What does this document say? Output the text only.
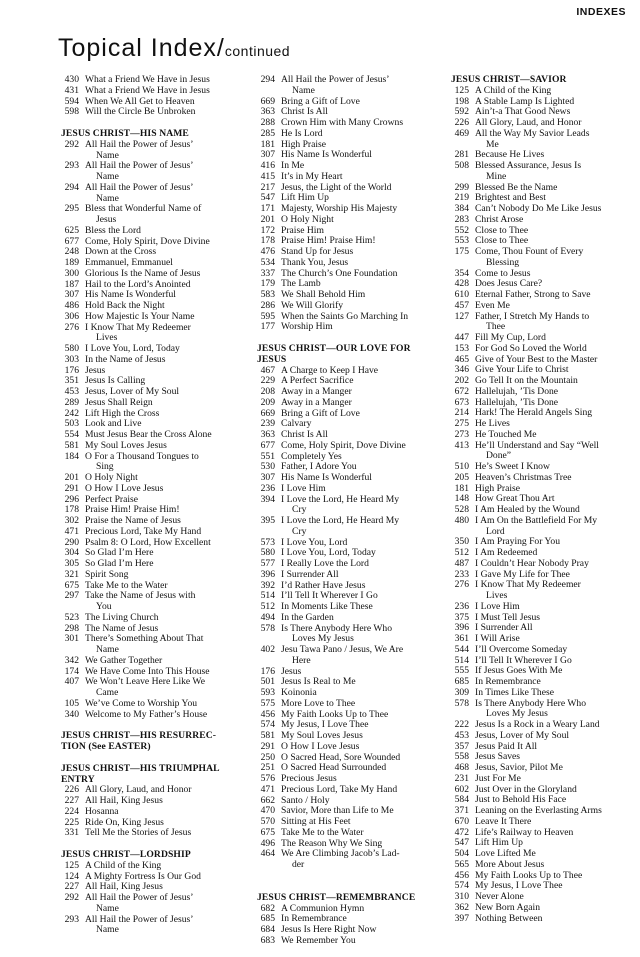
INDEXES
Topical Index/continued
430 What a Friend We Have in Jesus
431 What a Friend We Have in Jesus
594 When We All Get to Heaven
598 Will the Circle Be Unbroken
JESUS CHRIST—HIS NAME
292 All Hail the Power of Jesus’
Name
293 All Hail the Power of Jesus’
Name
294 All Hail the Power of Jesus’
Name
295 Bless that Wonderful Name of
Jesus
625 Bless the Lord
677 Come, Holy Spirit, Dove Divine
248 Down at the Cross
189 Emmanuel, Emmanuel
300 Glorious Is the Name of Jesus
187 Hail to the Lord’s Anointed
307 His Name Is Wonderful
486 Hold Back the Night
306 How Majestic Is Your Name
276 I Know That My Redeemer
Lives
580 I Love You, Lord, Today
303 In the Name of Jesus
176 Jesus
351 Jesus Is Calling
453 Jesus, Lover of My Soul
289 Jesus Shall Reign
242 Lift High the Cross
503 Look and Live
554 Must Jesus Bear the Cross Alone
581 My Soul Loves Jesus
184 O For a Thousand Tongues to
Sing
201 O Holy Night
291 O How I Love Jesus
296 Perfect Praise
178 Praise Him! Praise Him!
302 Praise the Name of Jesus
471 Precious Lord, Take My Hand
290 Psalm 8: O Lord, How Excellent
304 So Glad I’m Here
305 So Glad I’m Here
321 Spirit Song
675 Take Me to the Water
297 Take the Name of Jesus with
You
523 The Living Church
298 The Name of Jesus
301 There’s Something About That
Name
342 We Gather Together
174 We Have Come Into This House
407 We Won’t Leave Here Like We
Came
105 We’ve Come to Worship You
340 Welcome to My Father’s House
JESUS CHRIST—HIS RESURREC-
TION (See EASTER)
JESUS CHRIST—HIS TRIUMPHAL
ENTRY
226 All Glory, Laud, and Honor
227 All Hail, King Jesus
224 Hosanna
225 Ride On, King Jesus
331 Tell Me the Stories of Jesus
JESUS CHRIST—LORDSHIP
125 A Child of the King
124 A Mighty Fortress Is Our God
227 All Hail, King Jesus
292 All Hail the Power of Jesus’
Name
293 All Hail the Power of Jesus’
Name
294 All Hail the Power of Jesus’
Name
669 Bring a Gift of Love
363 Christ Is All
288 Crown Him with Many Crowns
285 He Is Lord
181 High Praise
307 His Name Is Wonderful
416 In Me
415 It’s in My Heart
217 Jesus, the Light of the World
547 Lift Him Up
171 Majesty, Worship His Majesty
201 O Holy Night
172 Praise Him
178 Praise Him! Praise Him!
476 Stand Up for Jesus
534 Thank You, Jesus
337 The Church’s One Foundation
179 The Lamb
583 We Shall Behold Him
286 We Will Glorify
595 When the Saints Go Marching In
177 Worship Him
JESUS CHRIST—OUR LOVE FOR
JESUS
467 A Charge to Keep I Have
229 A Perfect Sacrifice
208 Away in a Manger
209 Away in a Manger
669 Bring a Gift of Love
239 Calvary
363 Christ Is All
677 Come, Holy Spirit, Dove Divine
551 Completely Yes
530 Father, I Adore You
307 His Name Is Wonderful
236 I Love Him
394 I Love the Lord, He Heard My
Cry
395 I Love the Lord, He Heard My
Cry
573 I Love You, Lord
580 I Love You, Lord, Today
577 I Really Love the Lord
396 I Surrender All
392 I’d Rather Have Jesus
514 I’ll Tell It Wherever I Go
512 In Moments Like These
494 In the Garden
578 Is There Anybody Here Who
Loves My Jesus
402 Jesu Tawa Pano / Jesus, We Are
Here
176 Jesus
501 Jesus Is Real to Me
593 Koinonia
575 More Love to Thee
456 My Faith Looks Up to Thee
574 My Jesus, I Love Thee
581 My Soul Loves Jesus
291 O How I Love Jesus
250 O Sacred Head, Sore Wounded
251 O Sacred Head Surrounded
576 Precious Jesus
471 Precious Lord, Take My Hand
662 Santo / Holy
470 Savior, More than Life to Me
570 Sitting at His Feet
675 Take Me to the Water
496 The Reason Why We Sing
464 We Are Climbing Jacob’s Lad-
der
JESUS CHRIST—REMEMBRANCE
682 A Communion Hymn
685 In Remembrance
684 Jesus Is Here Right Now
683 We Remember You
JESUS CHRIST—SAVIOR
125 A Child of the King
198 A Stable Lamp Is Lighted
592 Ain’t-a That Good News
226 All Glory, Laud, and Honor
469 All the Way My Savior Leads
Me
281 Because He Lives
508 Blessed Assurance, Jesus Is
Mine
299 Blessed Be the Name
219 Brightest and Best
384 Can’t Nobody Do Me Like Jesus
283 Christ Arose
552 Close to Thee
553 Close to Thee
175 Come, Thou Fount of Every
Blessing
354 Come to Jesus
428 Does Jesus Care?
610 Eternal Father, Strong to Save
457 Even Me
127 Father, I Stretch My Hands to
Thee
447 Fill My Cup, Lord
153 For God So Loved the World
465 Give of Your Best to the Master
346 Give Your Life to Christ
202 Go Tell It on the Mountain
672 Hallelujah, ’Tis Done
673 Hallelujah, ’Tis Done
214 Hark! The Herald Angels Sing
275 He Lives
273 He Touched Me
413 He’ll Understand and Say “Well
Done”
510 He’s Sweet I Know
205 Heaven’s Christmas Tree
181 High Praise
148 How Great Thou Art
528 I Am Healed by the Wound
480 I Am On the Battlefield For My
Lord
350 I Am Praying For You
512 I Am Redeemed
487 I Couldn’t Hear Nobody Pray
233 I Gave My Life for Thee
276 I Know That My Redeemer
Lives
236 I Love Him
375 I Must Tell Jesus
396 I Surrender All
361 I Will Arise
544 I’ll Overcome Someday
514 I’ll Tell It Wherever I Go
555 If Jesus Goes With Me
685 In Remembrance
309 In Times Like These
578 Is There Anybody Here Who
Loves My Jesus
222 Jesus Is a Rock in a Weary Land
453 Jesus, Lover of My Soul
357 Jesus Paid It All
558 Jesus Saves
468 Jesus, Savior, Pilot Me
231 Just For Me
602 Just Over in the Gloryland
584 Just to Behold His Face
371 Leaning on the Everlasting Arms
670 Leave It There
472 Life’s Railway to Heaven
547 Lift Him Up
504 Love Lifted Me
565 More About Jesus
456 My Faith Looks Up to Thee
574 My Jesus, I Love Thee
310 Never Alone
362 New Born Again
397 Nothing Between
